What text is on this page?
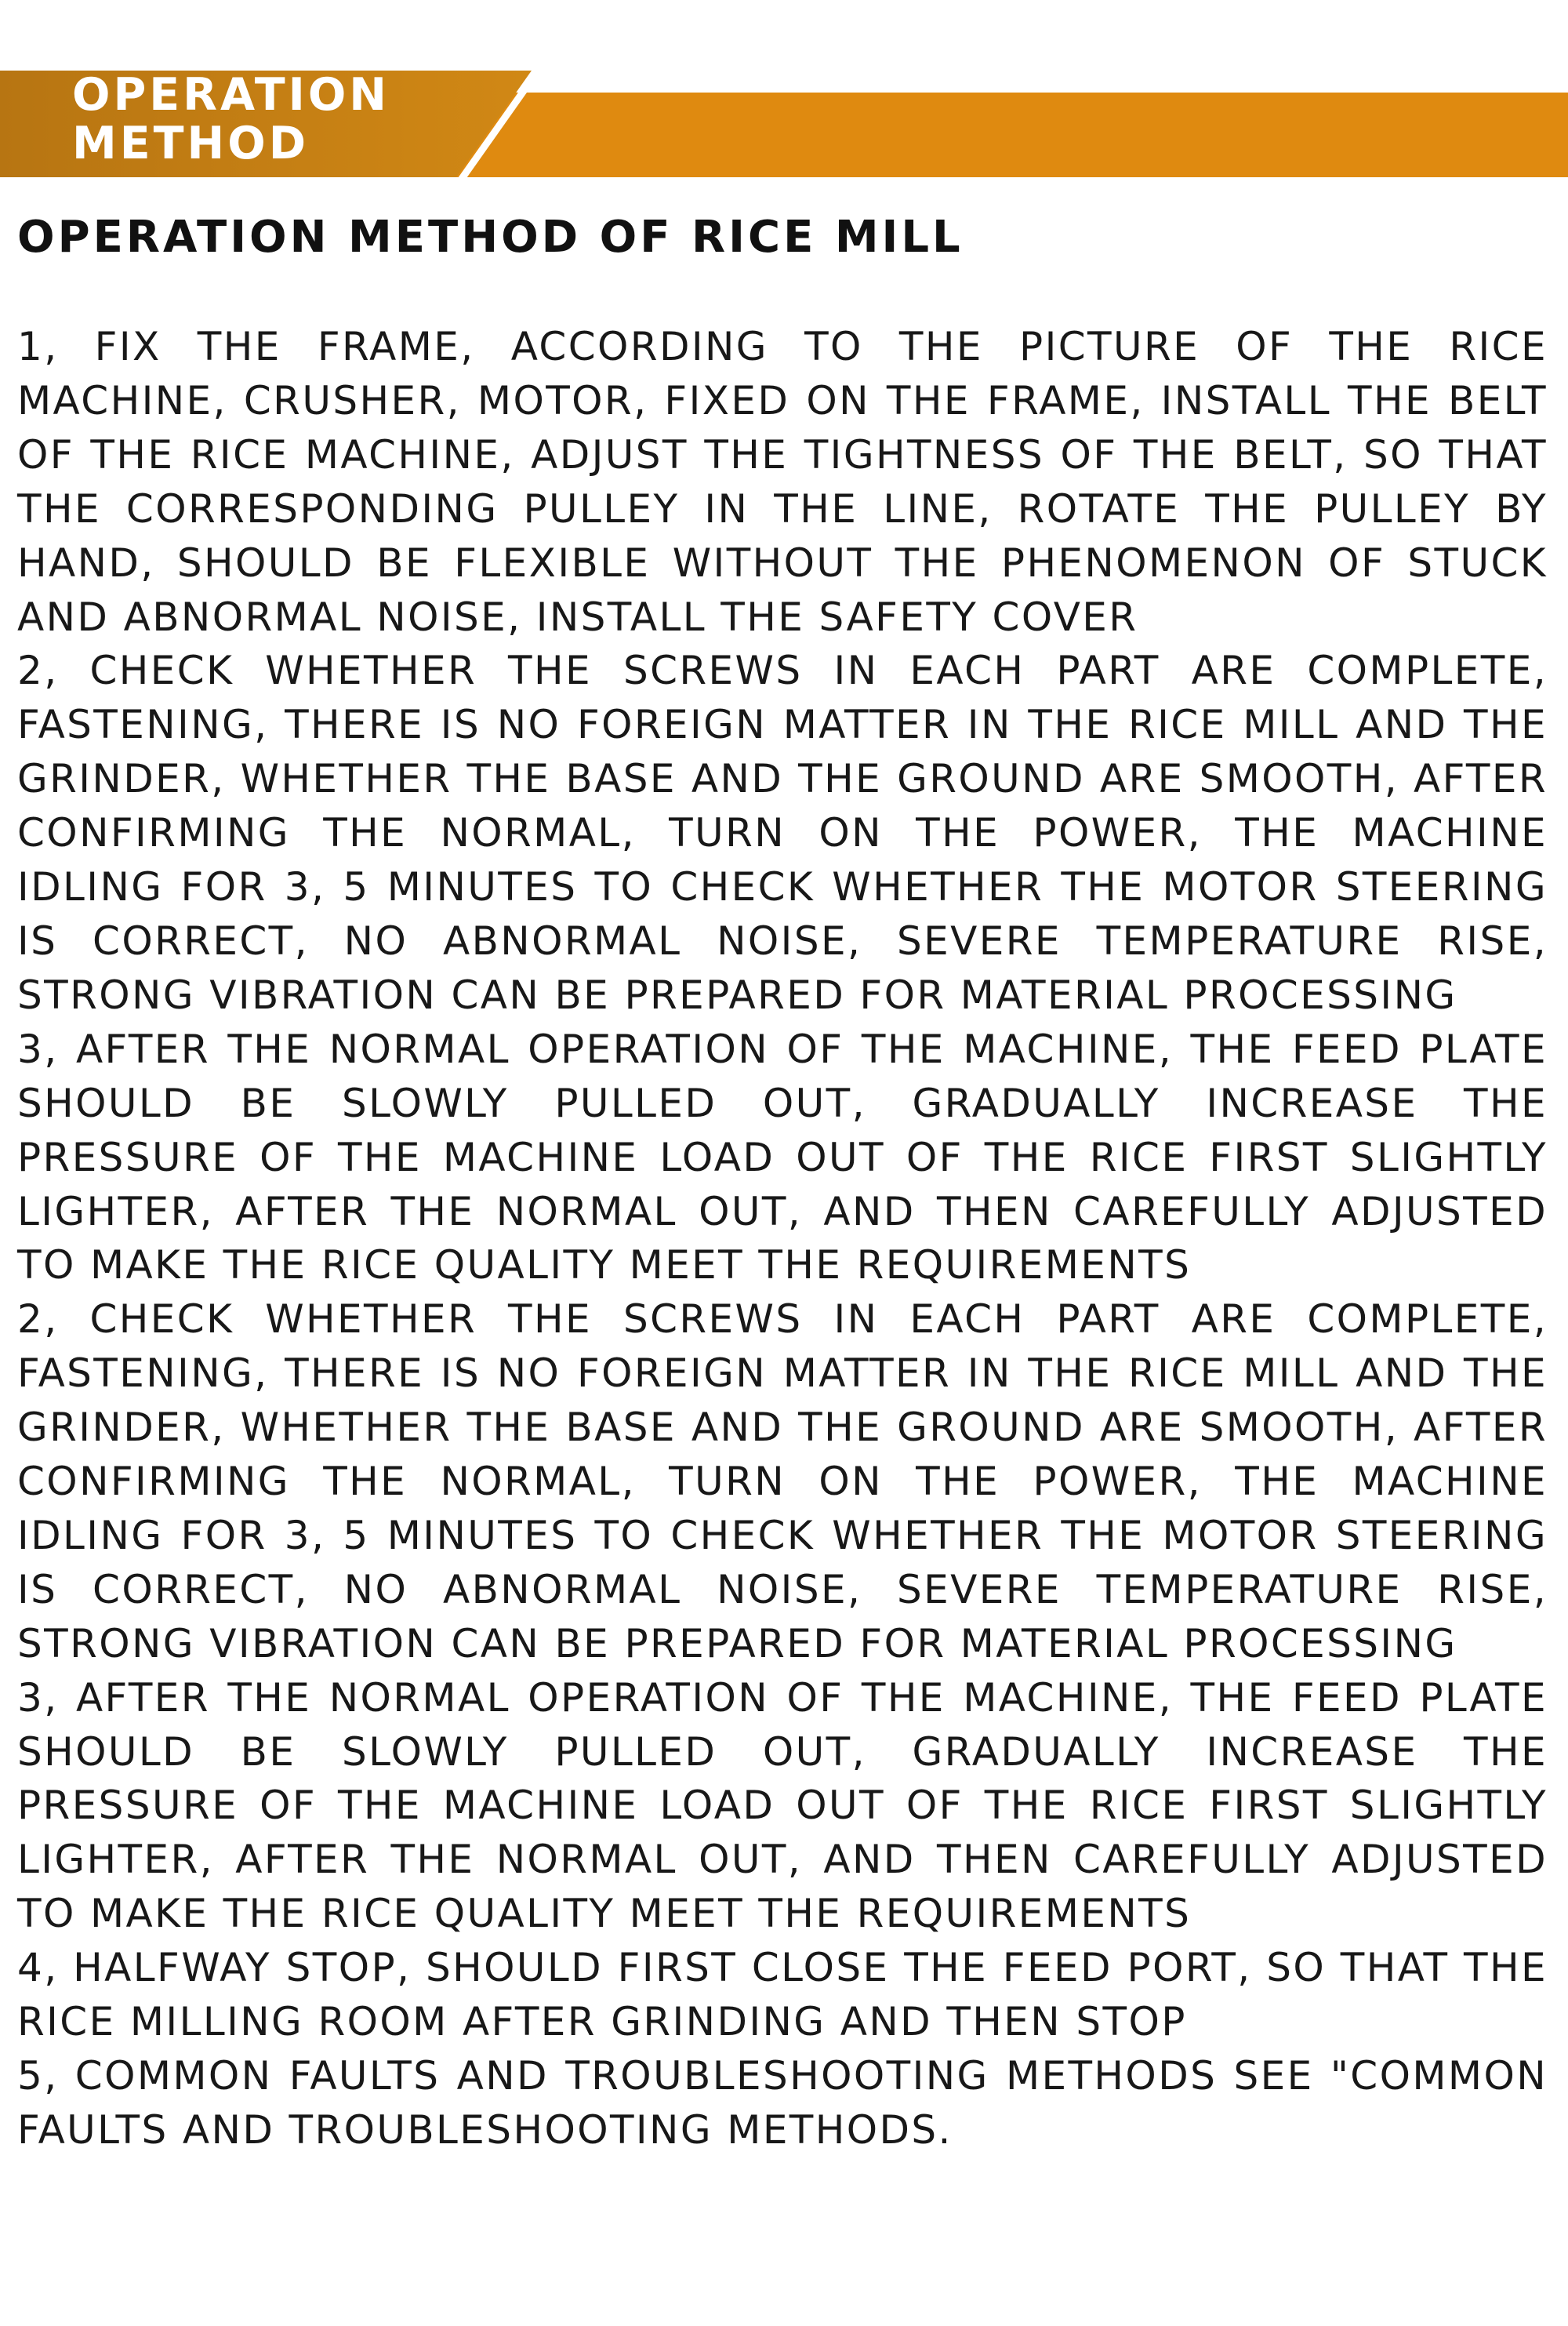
OPERATION
METHOD
OPERATION METHOD OF RICE MILL

1, FIX THE FRAME, ACCORDING TO THE PICTURE OF THE RICE MACHINE, CRUSHER, MOTOR, FIXED ON THE FRAME, INSTALL THE BELT OF THE RICE MACHINE, ADJUST THE TIGHTNESS OF THE BELT, SO THAT THE CORRESPONDING PULLEY IN THE LINE, ROTATE THE PULLEY BY HAND, SHOULD BE FLEXIBLE WITHOUT THE PHENOMENON OF STUCK AND ABNORMAL NOISE, INSTALL THE SAFETY COVER

2, CHECK WHETHER THE SCREWS IN EACH PART ARE COMPLETE, FASTENING, THERE IS NO FOREIGN MATTER IN THE RICE MILL AND THE GRINDER, WHETHER THE BASE AND THE GROUND ARE SMOOTH, AFTER CONFIRMING THE NORMAL, TURN ON THE POWER, THE MACHINE IDLING FOR 3, 5 MINUTES TO CHECK WHETHER THE MOTOR STEERING IS CORRECT, NO ABNORMAL NOISE, SEVERE TEMPERATURE RISE, STRONG VIBRATION CAN BE PREPARED FOR MATERIAL PROCESSING

3, AFTER THE NORMAL OPERATION OF THE MACHINE, THE FEED PLATE SHOULD BE SLOWLY PULLED OUT, GRADUALLY INCREASE THE PRESSURE OF THE MACHINE LOAD OUT OF THE RICE FIRST SLIGHTLY LIGHTER, AFTER THE NORMAL OUT, AND THEN CAREFULLY ADJUSTED TO MAKE THE RICE QUALITY MEET THE REQUIREMENTS

2, CHECK WHETHER THE SCREWS IN EACH PART ARE COMPLETE, FASTENING, THERE IS NO FOREIGN MATTER IN THE RICE MILL AND THE GRINDER, WHETHER THE BASE AND THE GROUND ARE SMOOTH, AFTER CONFIRMING THE NORMAL, TURN ON THE POWER, THE MACHINE IDLING FOR 3, 5 MINUTES TO CHECK WHETHER THE MOTOR STEERING IS CORRECT, NO ABNORMAL NOISE, SEVERE TEMPERATURE RISE, STRONG VIBRATION CAN BE PREPARED FOR MATERIAL PROCESSING

3, AFTER THE NORMAL OPERATION OF THE MACHINE, THE FEED PLATE SHOULD BE SLOWLY PULLED OUT, GRADUALLY INCREASE THE PRESSURE OF THE MACHINE LOAD OUT OF THE RICE FIRST SLIGHTLY LIGHTER, AFTER THE NORMAL OUT, AND THEN CAREFULLY ADJUSTED TO MAKE THE RICE QUALITY MEET THE REQUIREMENTS

4, HALFWAY STOP, SHOULD FIRST CLOSE THE FEED PORT, SO THAT THE RICE MILLING ROOM AFTER GRINDING AND THEN STOP

5, COMMON FAULTS AND TROUBLESHOOTING METHODS SEE "COMMON FAULTS AND TROUBLESHOOTING METHODS.
